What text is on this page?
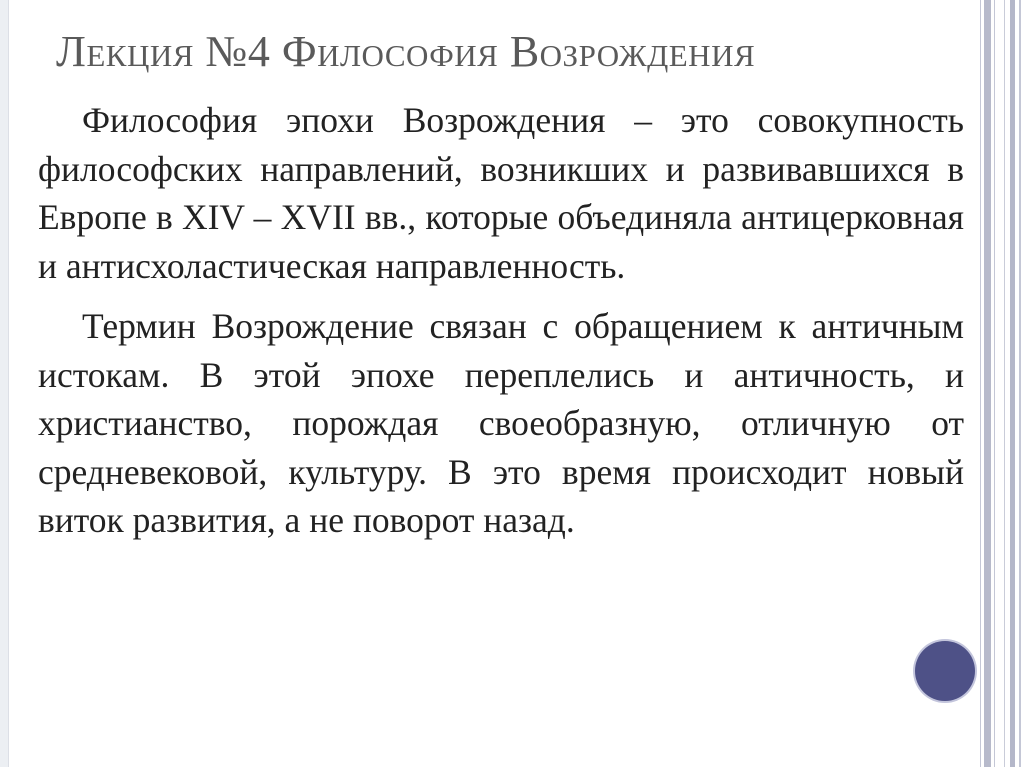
Лекция №4 Философия Возрождения

Философия эпохи Возрождения – это совокупность философских направлений, возникших и развивавшихся в Европе в XIV – XVII вв., которые объединяла антицерковная и антисхоластическая направленность.

Термин Возрождение связан с обращением к античным истокам. В этой эпохе переплелись и античность, и христианство, порождая своеобразную, отличную от средневековой, культуру. В это время происходит новый виток развития, а не поворот назад.
